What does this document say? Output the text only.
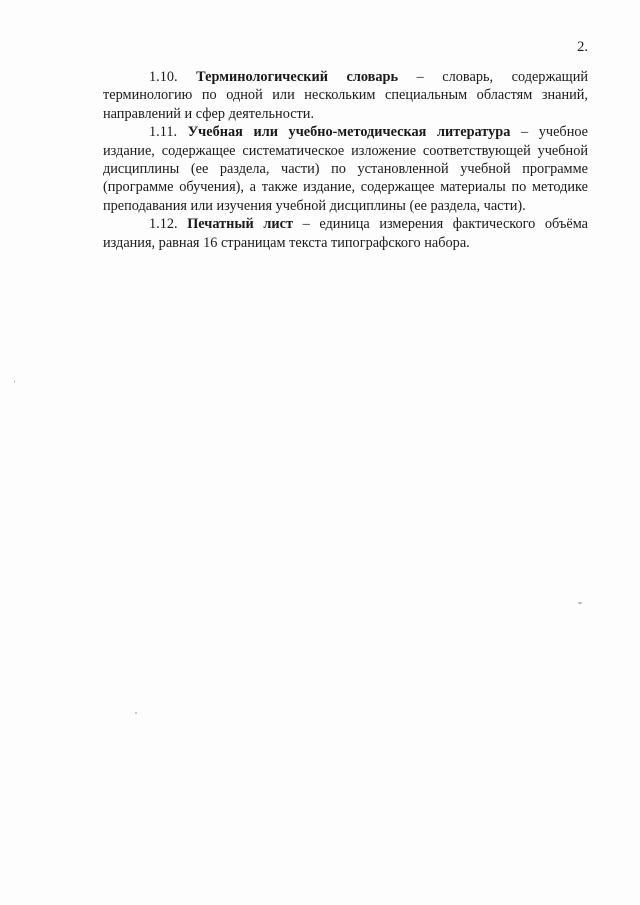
2.

1.10. Терминологический словарь – словарь, содержащий терминологию по одной или нескольким специальным областям знаний, направлений и сфер деятельности.

1.11. Учебная или учебно-методическая литература – учебное издание, содержащее систематическое изложение соответствующей учебной дисциплины (ее раздела, части) по установленной учебной программе (программе обучения), а также издание, содержащее материалы по методике преподавания или изучения учебной дисциплины (ее раздела, части).

1.12. Печатный лист – единица измерения фактического объёма издания, равная 16 страницам текста типографского набора.
